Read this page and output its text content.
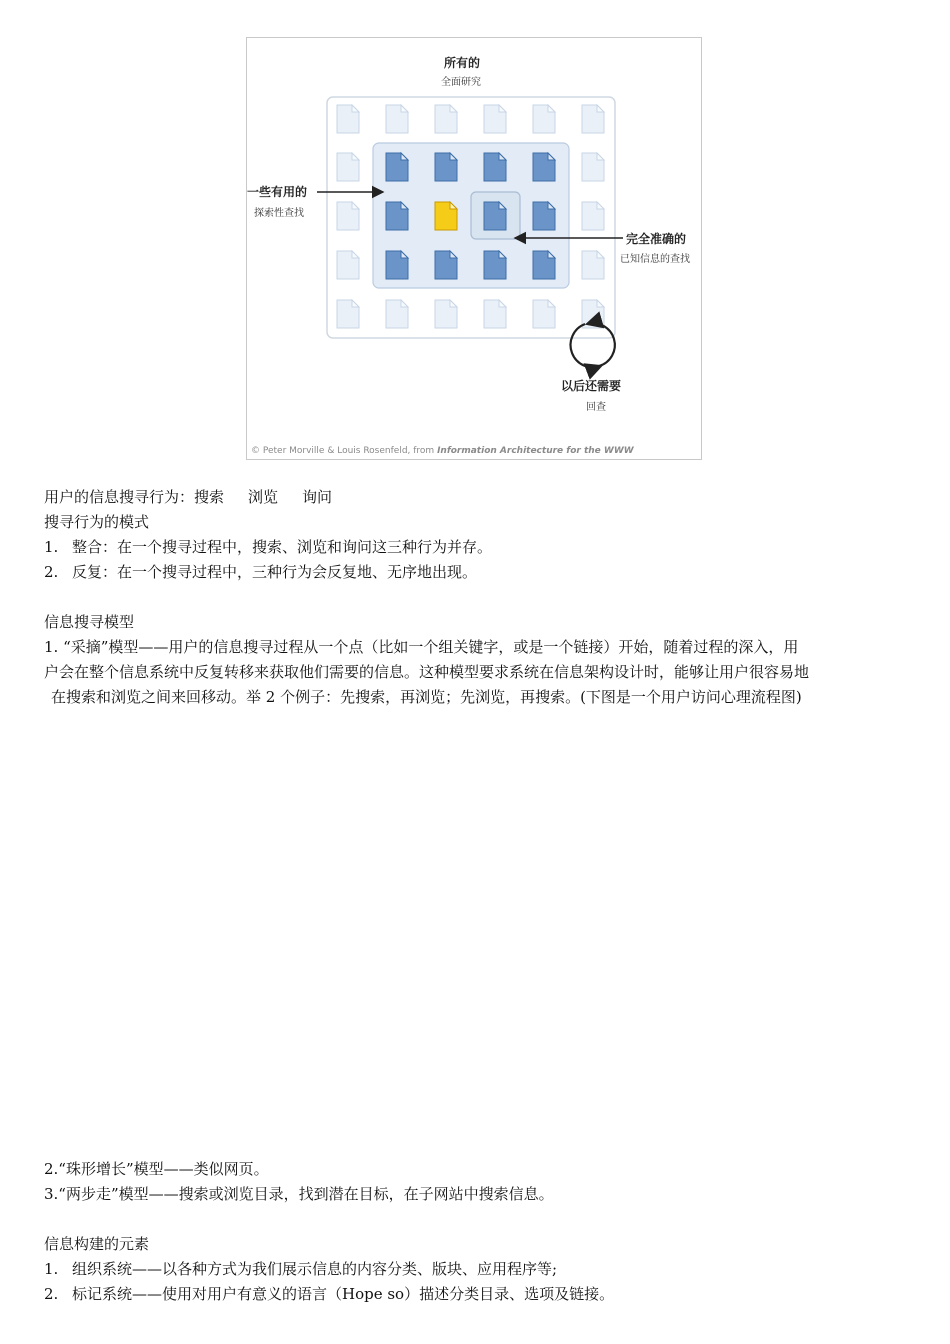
所有的
全面研究
一些有用的
探索性查找
完全准确的
已知信息的查找
以后还需要
回查
© Peter Morville & Louis Rosenfeld, from Information Architecture for the WWW
用户的信息搜寻行为：搜索 浏览 询问
搜寻行为的模式
1. 整合：在一个搜寻过程中，搜索、浏览和询问这三种行为并存。
2. 反复：在一个搜寻过程中，三种行为会反复地、无序地出现。
信息搜寻模型
1. “采摘”模型——用户的信息搜寻过程从一个点（比如一个组关键字，或是一个链接）开始，随着过程的深入，用
户会在整个信息系统中反复转移来获取他们需要的信息。这种模型要求系统在信息架构设计时，能够让用户很容易地
在搜索和浏览之间来回移动。举 2 个例子：先搜索，再浏览；先浏览，再搜索。(下图是一个用户访问心理流程图)
2.“珠形增长”模型——类似网页。
3.“两步走”模型——搜索或浏览目录，找到潜在目标，在子网站中搜索信息。
信息构建的元素
1. 组织系统——以各种方式为我们展示信息的内容分类、版块、应用程序等;
2. 标记系统——使用对用户有意义的语言（Hope so）描述分类目录、选项及链接。
